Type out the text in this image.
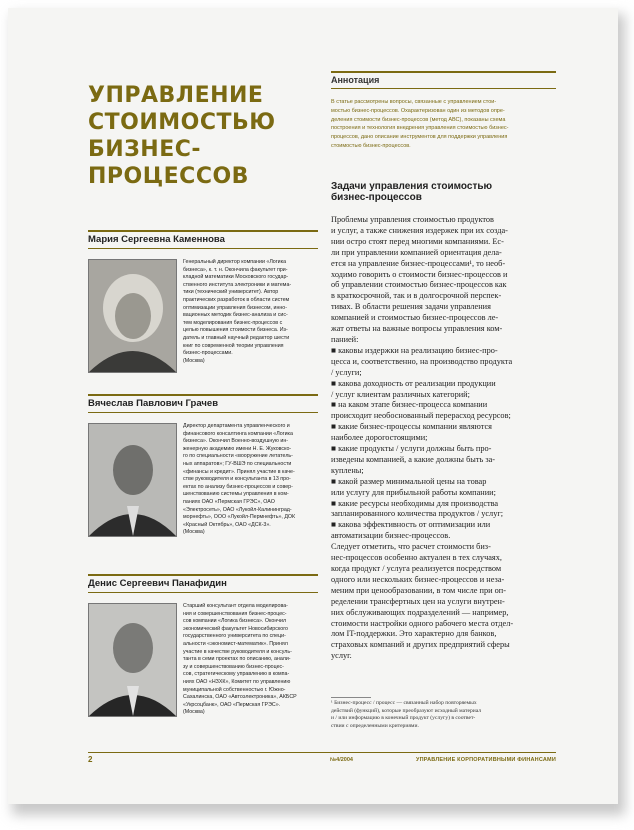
УПРАВЛЕНИЕ
СТОИМОСТЬЮ
БИЗНЕС-
ПРОЦЕССОВ
Мария Сергеевна Каменнова
Генеральный директор компании «Логика
бизнеса», к. т. н. Окончила факультет при-
кладной математики Московского государ-
ственного института электроники и матема-
тики (технический университет). Автор
практических разработок в области систем
оптимизации управления бизнесом, инно-
вационных методик бизнес-анализа и сис-
тем моделирования бизнес-процессов с
целью повышения стоимости бизнеса. Из-
датель и главный научный редактор шести
книг по современной теории управления
бизнес-процессами.
(Москва)
Вячеслав Павлович Грачев
Директор департамента управленческого и
финансового консалтинга компании «Логика
бизнеса». Окончил Военно-воздушную ин-
женерную академию имени Н. Е. Жуковско-
го по специальности «вооружение летатель-
ных аппаратов»; ГУ-ВШЭ по специальности
«финансы и кредит». Принял участие в каче-
стве руководителя и консультанта в 13 про-
ектах по анализу бизнес-процессов и совер-
шенствованию системы управления в ком-
паниях ОАО «Пермская ГРЭС», ОАО
«Электросеть», ОАО «Лукойл-Калининград-
морнефть», ООО «Лукойл-Пермнефть», ДОК
«Красный Октябрь», ОАО «ДСК-3».
(Москва)
Денис Сергеевич Панафидин
Старший консультант отдела моделирова-
ния и совершенствования бизнес-процес-
сов компании «Логика бизнеса». Окончил
экономический факультет Новосибирского
государственного университета по специ-
альности «экономист-математик». Принял
участие в качестве руководителя и консуль-
танта в семи проектах по описанию, анали-
зу и совершенствованию бизнес-процес-
сов, стратегическому управлению в компа-
ниях ОАО «НЗХК», Комитет по управлению
муниципальной собственностью г. Южно-
Сахалинска, ОАО «Автоэлектроника», АКБСР
«Укрсоцбанк», ОАО «Пермская ГРЭС».
(Москва)
Аннотация
В статье рассмотрены вопросы, связанные с управлением стои-
мостью бизнес-процессов. Охарактеризован один из методов опре-
деления стоимости бизнес-процессов (метод АВС), показаны схема
построения и технология внедрения управления стоимостью бизнес-
процессов, дано описание инструментов для поддержки управления
стоимостью бизнес-процессов.
Задачи управления стоимостью
бизнес-процессов
Проблемы управления стоимостью продуктов
и услуг, а также снижения издержек при их созда-
нии остро стоят перед многими компаниями. Ес-
ли при управлении компанией ориентация дела-
ется на управление бизнес-процессами¹, то необ-
ходимо говорить о стоимости бизнес-процессов и
об управлении стоимостью бизнес-процессов как
в краткосрочной, так и в долгосрочной перспек-
тивах. В области решения задачи управления
компанией и стоимостью бизнес-процессов ле-
жат ответы на важные вопросы управления ком-
панией:
■ каковы издержки на реализацию бизнес-про-
цесса и, соответственно, на производство продукта
/ услуги;
■ какова доходность от реализации продукции
/ услуг клиентам различных категорий;
■ на каком этапе бизнес-процесса компании
происходит необоснованный перерасход ресурсов;
■ какие бизнес-процессы компании являются
наиболее дорогостоящими;
■ какие продукты / услуги должны быть про-
изведены компанией, а какие должны быть за-
куплены;
■ какой размер минимальной цены на товар
или услугу для прибыльной работы компании;
■ какие ресурсы необходимы для производства
запланированного количества продуктов / услуг;
■ какова эффективность от оптимизации или
автоматизации бизнес-процессов.
Следует отметить, что расчет стоимости биз-
нес-процессов особенно актуален в тех случаях,
когда продукт / услуга реализуется посредством
одного или нескольких бизнес-процессов и незa-
меним при ценообразовании, в том числе при оп-
ределении трансфертных цен на услуги внутрен-
них обслуживающих подразделений — например,
стоимости настройки одного рабочего места отдел-
лом IT-поддержки. Это характерно для банков,
страховых компаний и других предприятий сферы
услуг.
¹ Бизнес-процесс / процесс — связанный набор повторяемых
действий (функций), которые преобразуют исходный материал
и / или информацию в конечный продукт (услугу) в соответ-
ствии с определенными критериями.
2	№4/2004	УПРАВЛЕНИЕ КОРПОРАТИВНЫМИ ФИНАНСАМИ
